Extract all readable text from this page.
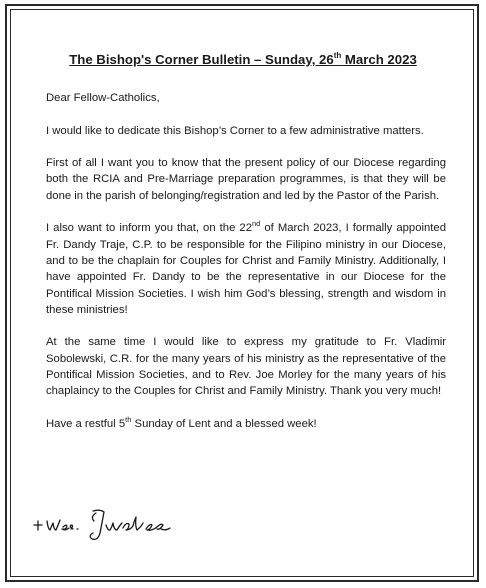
The Bishop's Corner Bulletin – Sunday, 26th March 2023

Dear Fellow-Catholics,

I would like to dedicate this Bishop’s Corner to a few administrative matters.

First of all I want you to know that the present policy of our Diocese regarding both the RCIA and Pre-Marriage preparation programmes, is that they will be done in the parish of belonging/registration and led by the Pastor of the Parish.

I also want to inform you that, on the 22nd of March 2023, I formally appointed Fr. Dandy Traje, C.P. to be responsible for the Filipino ministry in our Diocese, and to be the chaplain for Couples for Christ and Family Ministry. Additionally, I have appointed Fr. Dandy to be the representative in our Diocese for the Pontifical Mission Societies. I wish him God’s blessing, strength and wisdom in these ministries!

At the same time I would like to express my gratitude to Fr. Vladimir Sobolewski, C.R. for the many years of his ministry as the representative of the Pontifical Mission Societies, and to Rev. Joe Morley for the many years of his chaplaincy to the Couples for Christ and Family Ministry. Thank you very much!

Have a restful 5th Sunday of Lent and a blessed week!
